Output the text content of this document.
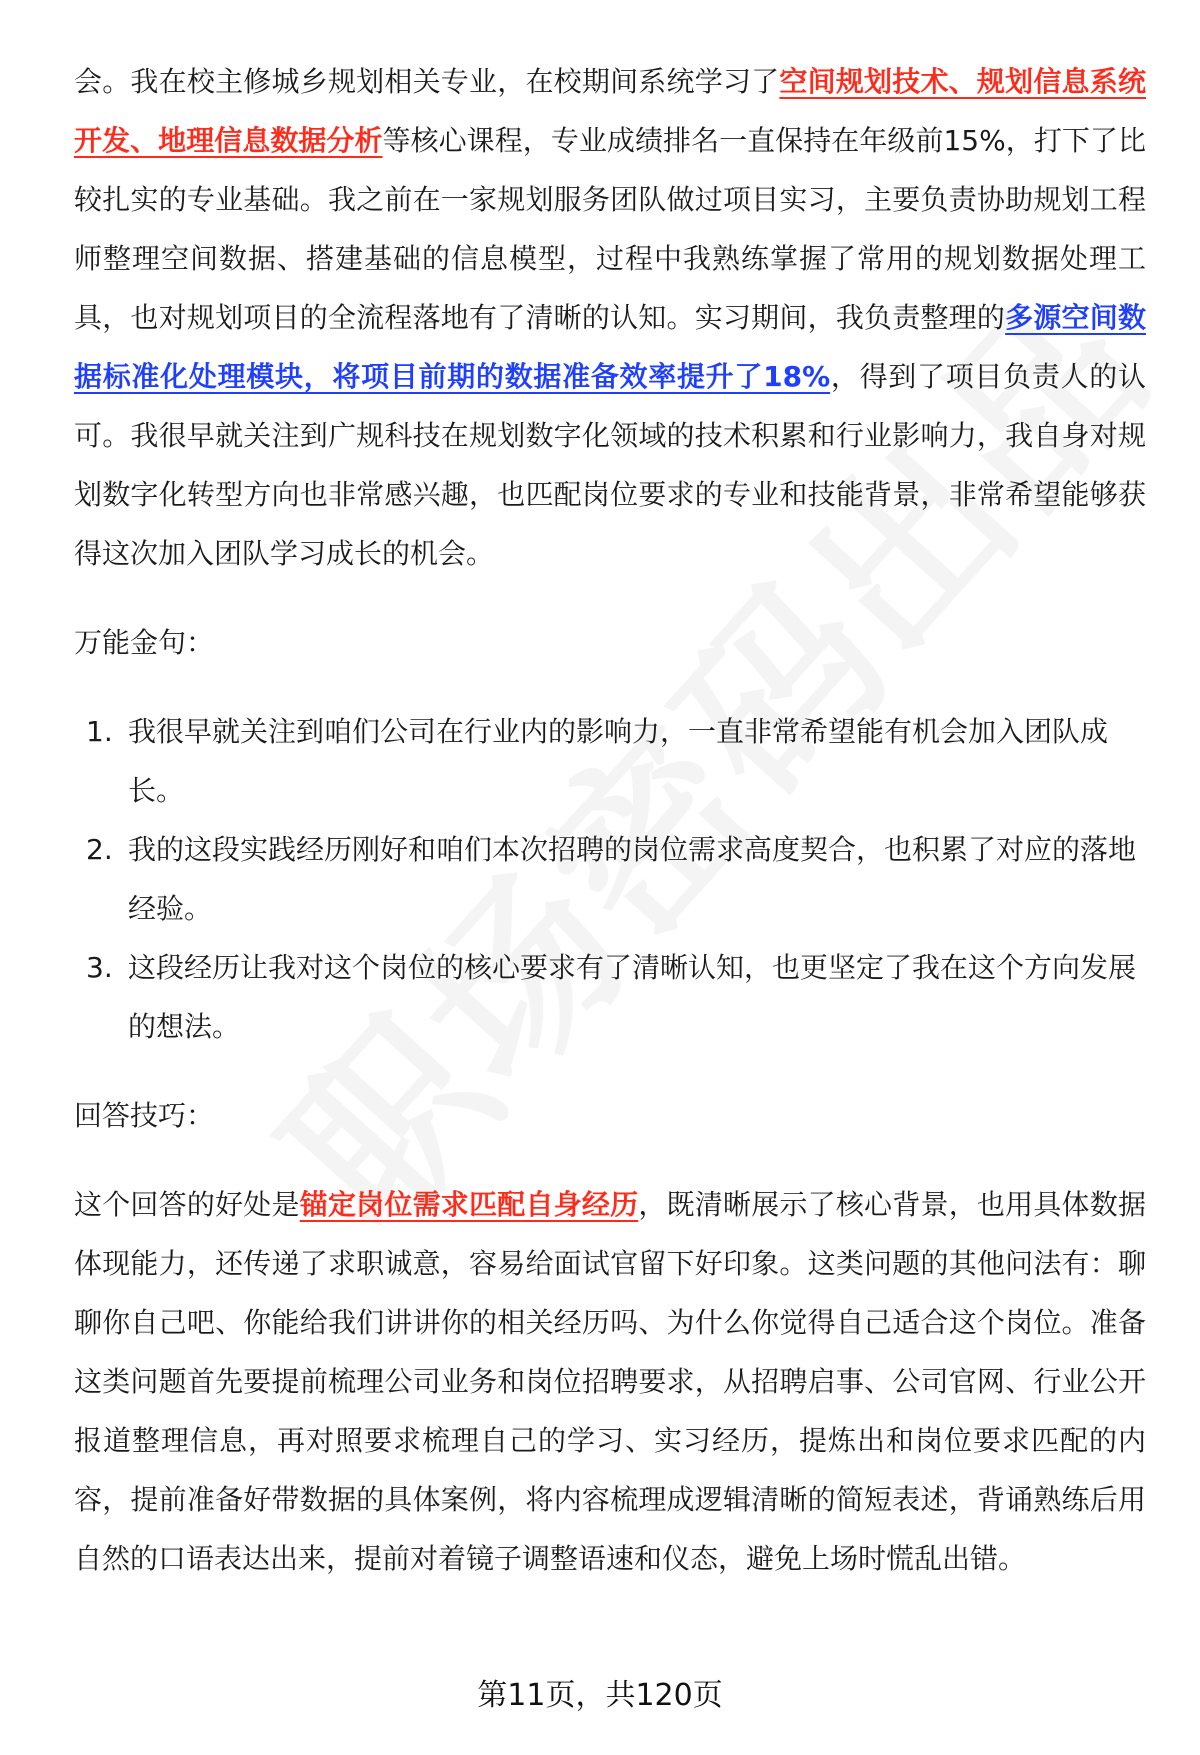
会。我在校主修城乡规划相关专业，在校期间系统学习了空间规划技术、规划信息系统开发、地理信息数据分析等核心课程，专业成绩排名一直保持在年级前15%，打下了比较扎实的专业基础。我之前在一家规划服务团队做过项目实习，主要负责协助规划工程师整理空间数据、搭建基础的信息模型，过程中我熟练掌握了常用的规划数据处理工具，也对规划项目的全流程落地有了清晰的认知。实习期间，我负责整理的多源空间数据标准化处理模块，将项目前期的数据准备效率提升了18%，得到了项目负责人的认可。我很早就关注到广规科技在规划数字化领域的技术积累和行业影响力，我自身对规划数字化转型方向也非常感兴趣，也匹配岗位要求的专业和技能背景，非常希望能够获得这次加入团队学习成长的机会。

万能金句：

1. 我很早就关注到咱们公司在行业内的影响力，一直非常希望能有机会加入团队成长。
2. 我的这段实践经历刚好和咱们本次招聘的岗位需求高度契合，也积累了对应的落地经验。
3. 这段经历让我对这个岗位的核心要求有了清晰认知，也更坚定了我在这个方向发展的想法。

回答技巧：

这个回答的好处是锚定岗位需求匹配自身经历，既清晰展示了核心背景，也用具体数据体现能力，还传递了求职诚意，容易给面试官留下好印象。这类问题的其他问法有：聊聊你自己吧、你能给我们讲讲你的相关经历吗、为什么你觉得自己适合这个岗位。准备这类问题首先要提前梳理公司业务和岗位招聘要求，从招聘启事、公司官网、行业公开报道整理信息，再对照要求梳理自己的学习、实习经历，提炼出和岗位要求匹配的内容，提前准备好带数据的具体案例，将内容梳理成逻辑清晰的简短表述，背诵熟练后用自然的口语表达出来，提前对着镜子调整语速和仪态，避免上场时慌乱出错。

第11页，共120页
